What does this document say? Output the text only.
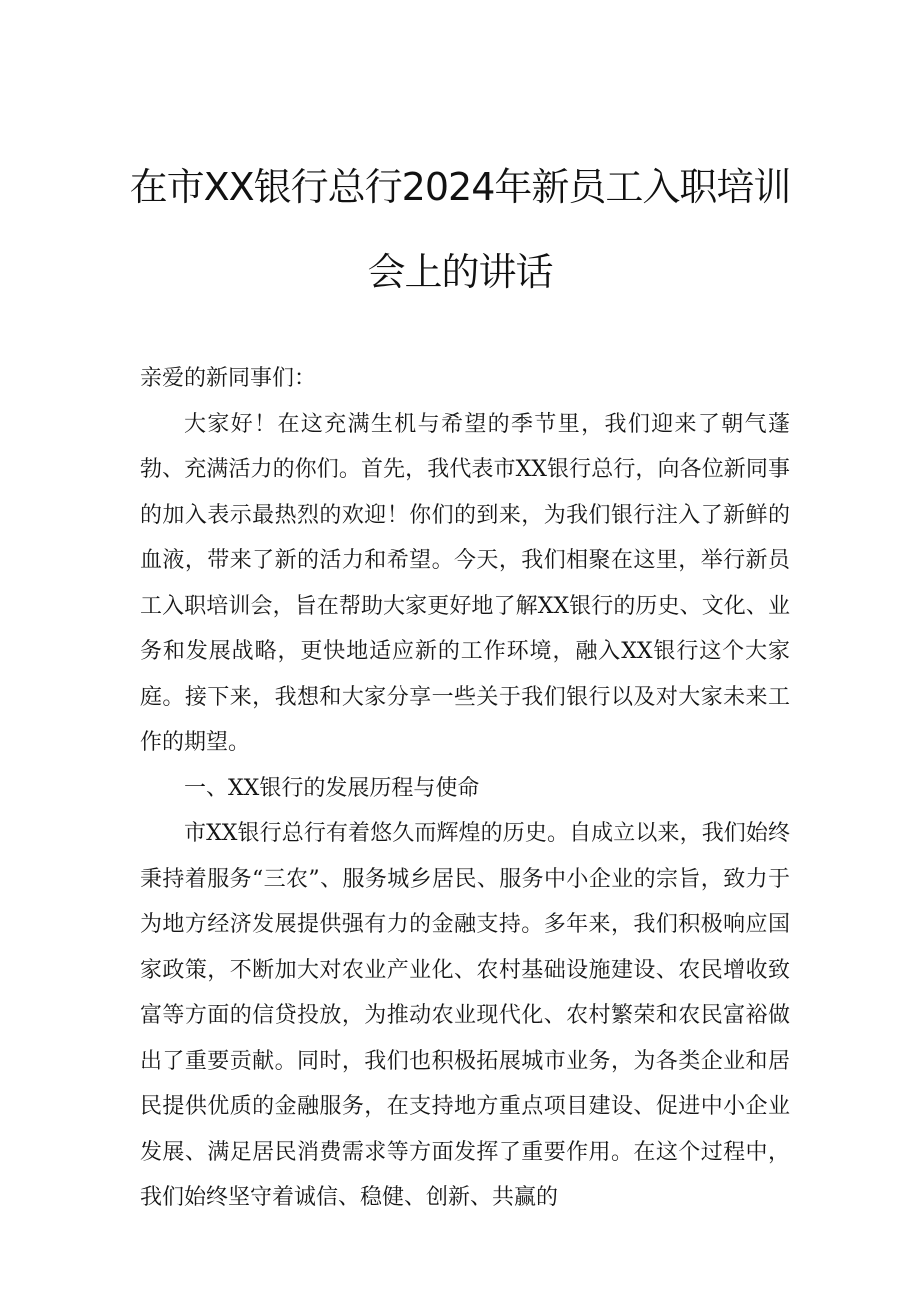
在市XX银行总行2024年新员工入职培训
会上的讲话

亲爱的新同事们：

大家好！在这充满生机与希望的季节里，我们迎来了朝气蓬勃、充满活力的你们。首先，我代表市XX银行总行，向各位新同事的加入表示最热烈的欢迎！你们的到来，为我们银行注入了新鲜的血液，带来了新的活力和希望。今天，我们相聚在这里，举行新员工入职培训会，旨在帮助大家更好地了解XX银行的历史、文化、业务和发展战略，更快地适应新的工作环境，融入XX银行这个大家庭。接下来，我想和大家分享一些关于我们银行以及对大家未来工作的期望。

一、XX银行的发展历程与使命

市XX银行总行有着悠久而辉煌的历史。自成立以来，我们始终秉持着服务“三农”、服务城乡居民、服务中小企业的宗旨，致力于为地方经济发展提供强有力的金融支持。多年来，我们积极响应国家政策，不断加大对农业产业化、农村基础设施建设、农民增收致富等方面的信贷投放，为推动农业现代化、农村繁荣和农民富裕做出了重要贡献。同时，我们也积极拓展城市业务，为各类企业和居民提供优质的金融服务，在支持地方重点项目建设、促进中小企业发展、满足居民消费需求等方面发挥了重要作用。在这个过程中，我们始终坚守着诚信、稳健、创新、共赢的
